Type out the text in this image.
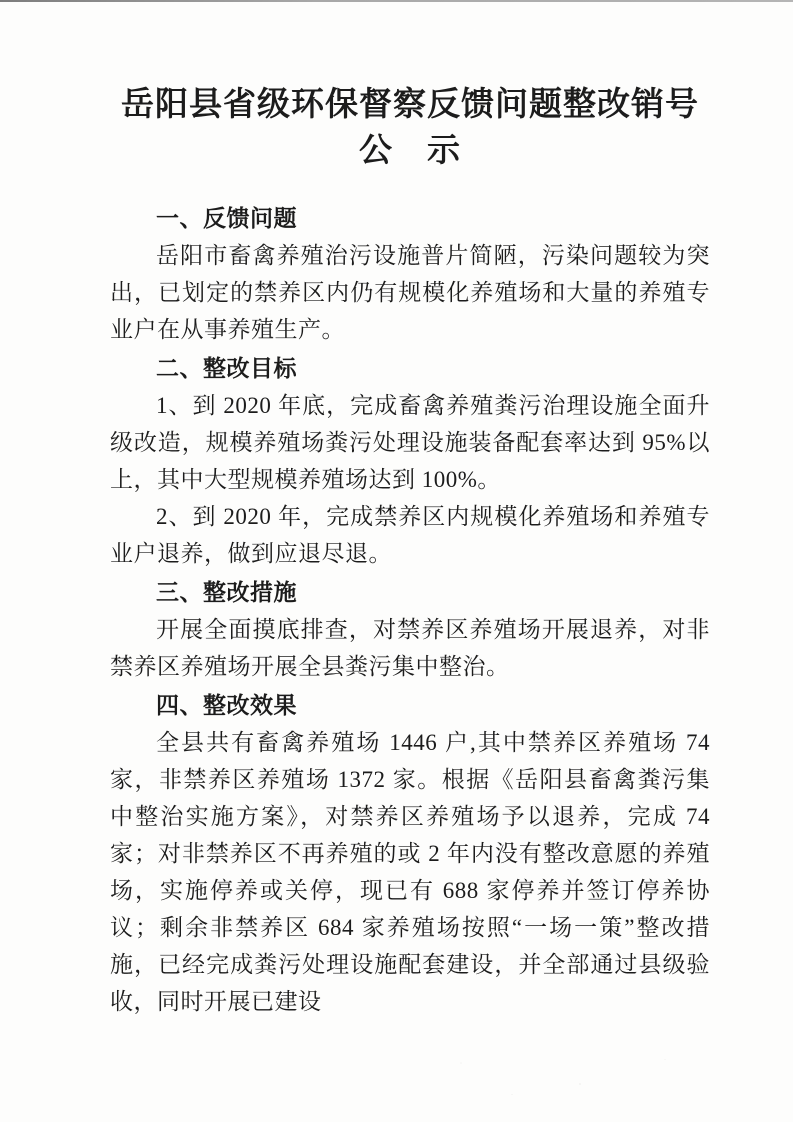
岳阳县省级环保督察反馈问题整改销号
公　示
一、反馈问题

岳阳市畜禽养殖治污设施普片简陋，污染问题较为突出，已划定的禁养区内仍有规模化养殖场和大量的养殖专业户在从事养殖生产。

二、整改目标

1、到 2020 年底，完成畜禽养殖粪污治理设施全面升级改造，规模养殖场粪污处理设施装备配套率达到 95%以上，其中大型规模养殖场达到 100%。

2、到 2020 年，完成禁养区内规模化养殖场和养殖专业户退养，做到应退尽退。

三、整改措施

开展全面摸底排查，对禁养区养殖场开展退养，对非禁养区养殖场开展全县粪污集中整治。

四、整改效果

全县共有畜禽养殖场 1446 户,其中禁养区养殖场 74 家，非禁养区养殖场 1372 家。根据《岳阳县畜禽粪污集中整治实施方案》，对禁养区养殖场予以退养，完成 74 家；对非禁养区不再养殖的或 2 年内没有整改意愿的养殖场，实施停养或关停，现已有 688 家停养并签订停养协议；剩余非禁养区 684 家养殖场按照“一场一策”整改措施，已经完成粪污处理设施配套建设，并全部通过县级验收，同时开展已建设
